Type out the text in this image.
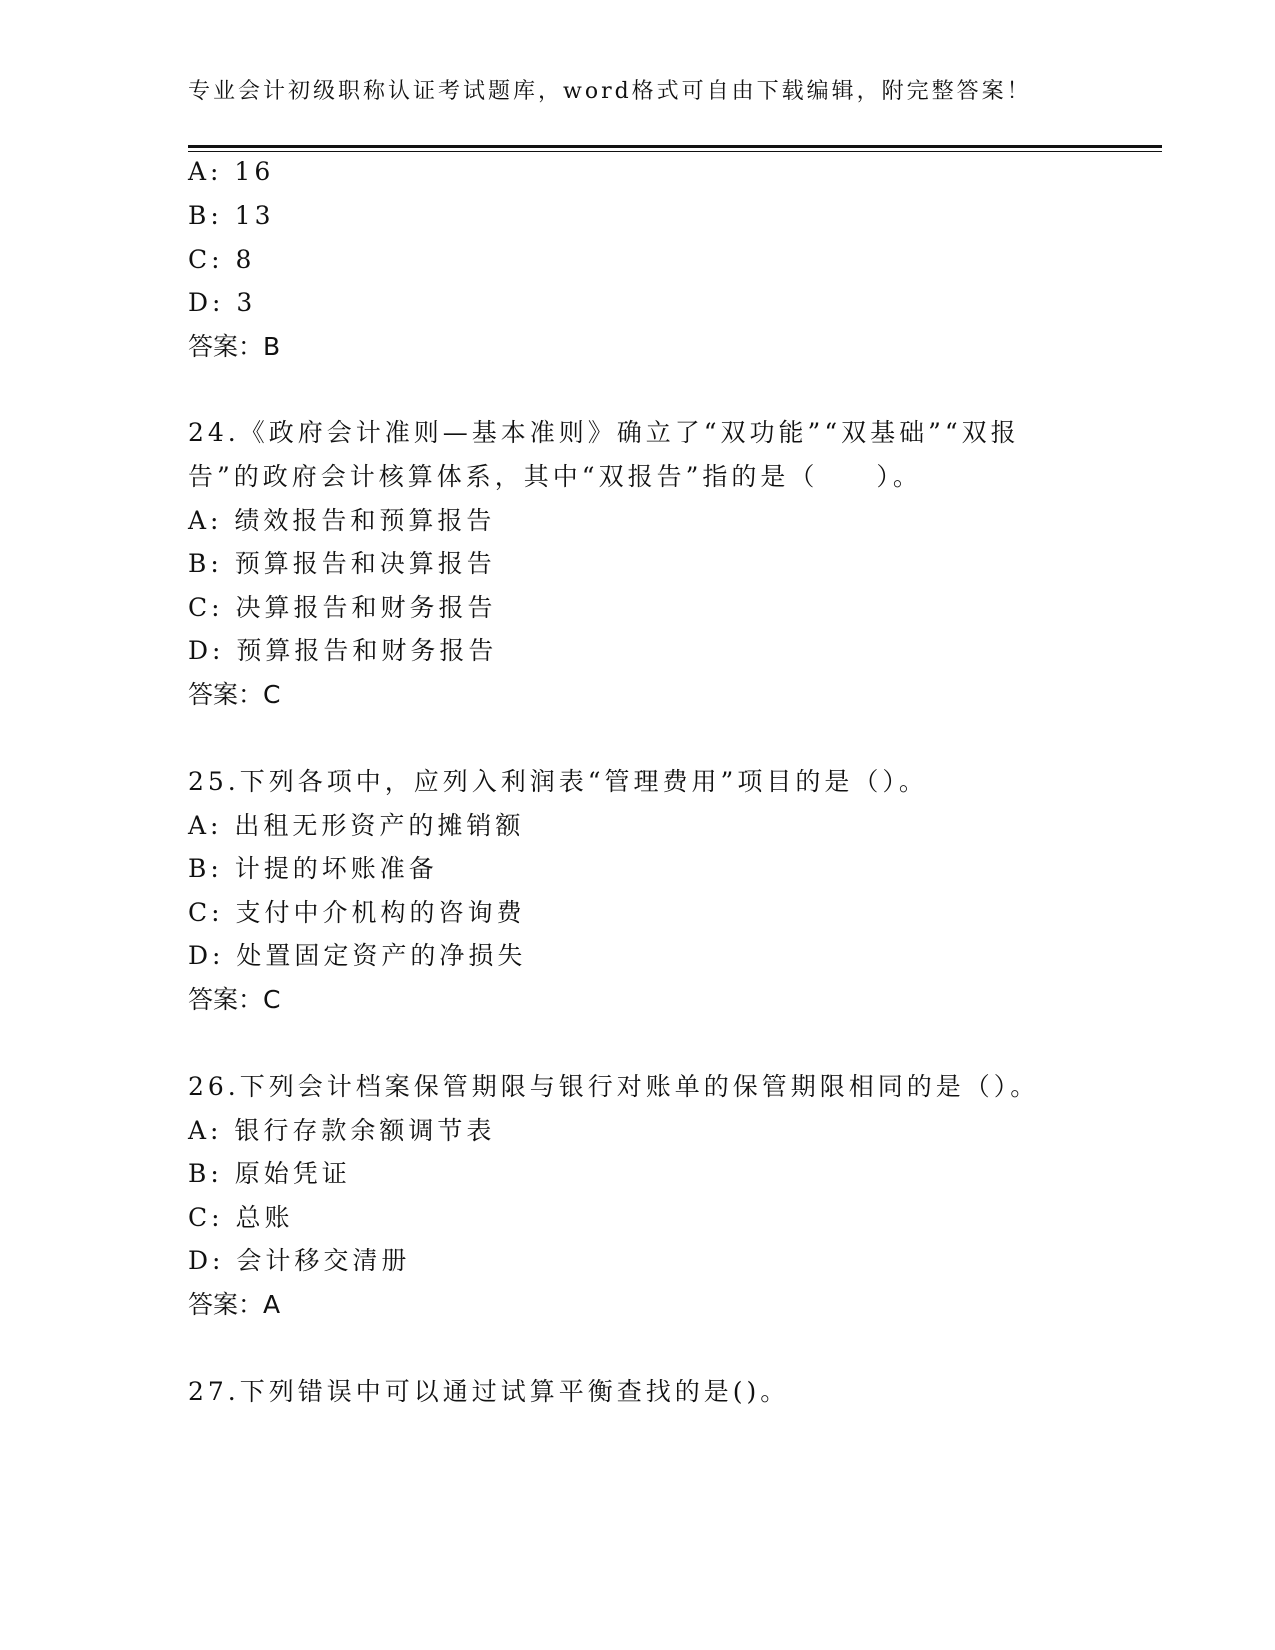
专业会计初级职称认证考试题库，word格式可自由下载编辑，附完整答案！
A: 16
B: 13
C: 8
D: 3
答案：B
24.《政府会计准则—基本准则》确立了“双功能”“双基础”“双报
告”的政府会计核算体系，其中“双报告”指的是（　　）。
A: 绩效报告和预算报告
B: 预算报告和决算报告
C: 决算报告和财务报告
D: 预算报告和财务报告
答案：C
25.下列各项中，应列入利润表“管理费用”项目的是（）。
A: 出租无形资产的摊销额
B: 计提的坏账准备
C: 支付中介机构的咨询费
D: 处置固定资产的净损失
答案：C
26.下列会计档案保管期限与银行对账单的保管期限相同的是（）。
A: 银行存款余额调节表
B: 原始凭证
C: 总账
D: 会计移交清册
答案：A
27.下列错误中可以通过试算平衡查找的是()。
